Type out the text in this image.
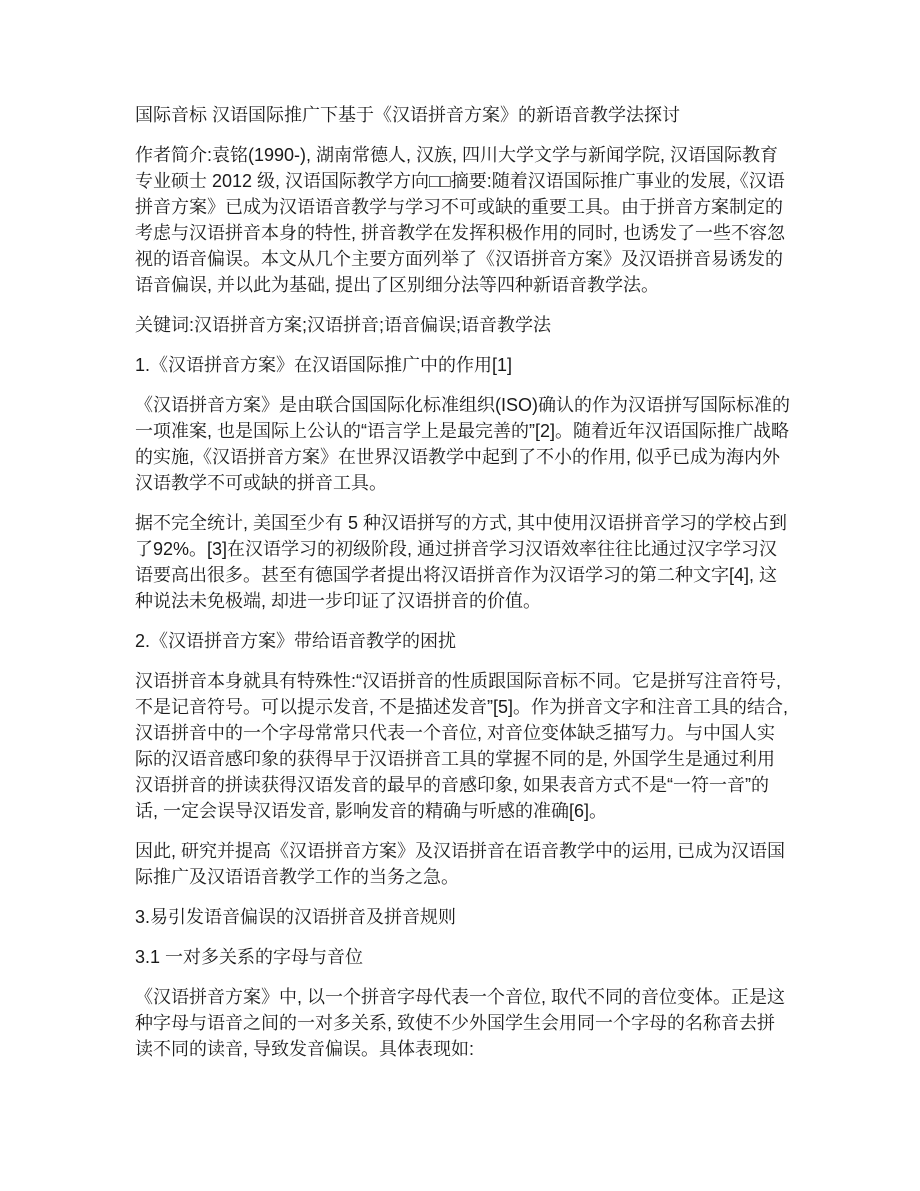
国际音标 汉语国际推广下基于《汉语拼音方案》的新语音教学法探讨

作者简介:袁铭(1990-), 湖南常德人, 汉族, 四川大学文学与新闻学院, 汉语国际教育专业硕士 2012 级, 汉语国际教学方向□□摘要:随着汉语国际推广事业的发展,《汉语拼音方案》已成为汉语语音教学与学习不可或缺的重要工具。由于拼音方案制定的考虑与汉语拼音本身的特性, 拼音教学在发挥积极作用的同时, 也诱发了一些不容忽视的语音偏误。本文从几个主要方面列举了《汉语拼音方案》及汉语拼音易诱发的语音偏误, 并以此为基础, 提出了区别细分法等四种新语音教学法。

关键词:汉语拼音方案;汉语拼音;语音偏误;语音教学法

1.《汉语拼音方案》在汉语国际推广中的作用[1]

《汉语拼音方案》是由联合国国际化标准组织(ISO)确认的作为汉语拼写国际标准的一项准案, 也是国际上公认的“语言学上是最完善的”[2]。随着近年汉语国际推广战略的实施,《汉语拼音方案》在世界汉语教学中起到了不小的作用, 似乎已成为海内外汉语教学不可或缺的拼音工具。

据不完全统计, 美国至少有 5 种汉语拼写的方式, 其中使用汉语拼音学习的学校占到了92%。[3]在汉语学习的初级阶段, 通过拼音学习汉语效率往往比通过汉字学习汉语要高出很多。甚至有德国学者提出将汉语拼音作为汉语学习的第二种文字[4], 这种说法未免极端, 却进一步印证了汉语拼音的价值。

2.《汉语拼音方案》带给语音教学的困扰

汉语拼音本身就具有特殊性:“汉语拼音的性质跟国际音标不同。它是拼写注音符号, 不是记音符号。可以提示发音, 不是描述发音”[5]。作为拼音文字和注音工具的结合, 汉语拼音中的一个字母常常只代表一个音位, 对音位变体缺乏描写力。与中国人实际的汉语音感印象的获得早于汉语拼音工具的掌握不同的是, 外国学生是通过利用汉语拼音的拼读获得汉语发音的最早的音感印象, 如果表音方式不是“一符一音”的话, 一定会误导汉语发音, 影响发音的精确与听感的准确[6]。

因此, 研究并提高《汉语拼音方案》及汉语拼音在语音教学中的运用, 已成为汉语国际推广及汉语语音教学工作的当务之急。

3.易引发语音偏误的汉语拼音及拼音规则

3.1 一对多关系的字母与音位

《汉语拼音方案》中, 以一个拼音字母代表一个音位, 取代不同的音位变体。正是这种字母与语音之间的一对多关系, 致使不少外国学生会用同一个字母的名称音去拼读不同的读音, 导致发音偏误。具体表现如:
